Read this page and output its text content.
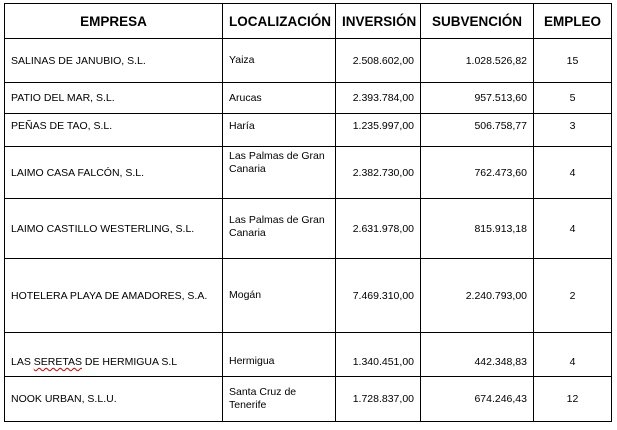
EMPRESA	LOCALIZACIÓN	INVERSIÓN	SUBVENCIÓN	EMPLEO
SALINAS DE JANUBIO, S.L.	Yaiza	2.508.602,00	1.028.526,82	15
PATIO DEL MAR, S.L.	Arucas	2.393.784,00	957.513,60	5
PEÑAS DE TAO, S.L.	Haría	1.235.997,00	506.758,77	3
LAIMO CASA FALCÓN, S.L.	Las Palmas de Gran Canaria	2.382.730,00	762.473,60	4
LAIMO CASTILLO WESTERLING, S.L.	Las Palmas de Gran Canaria	2.631.978,00	815.913,18	4
HOTELERA PLAYA DE AMADORES, S.A.	Mogán	7.469.310,00	2.240.793,00	2
LAS SERETAS DE HERMIGUA S.L	Hermigua	1.340.451,00	442.348,83	4
NOOK URBAN, S.L.U.	Santa Cruz de Tenerife	1.728.837,00	674.246,43	12
